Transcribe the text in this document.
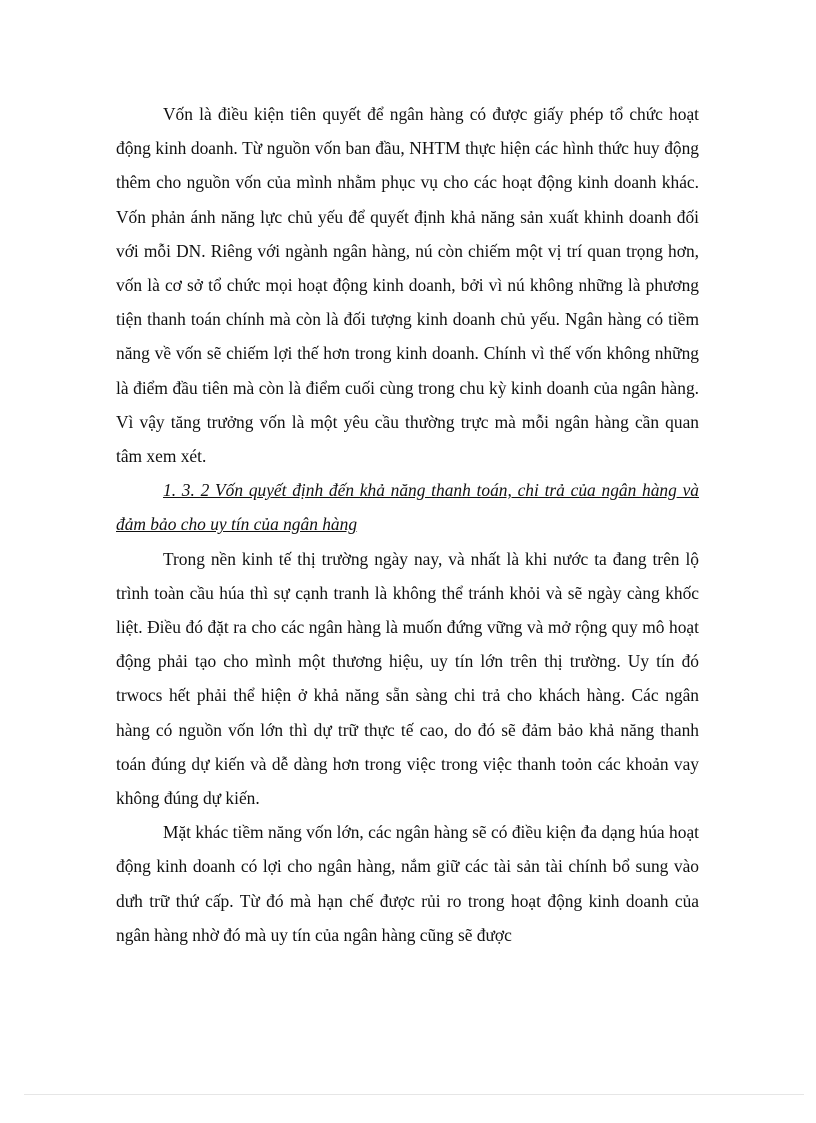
Vốn là điều kiện tiên quyết để ngân hàng có được giấy phép tổ chức hoạt động kinh doanh. Từ nguồn vốn ban đầu, NHTM thực hiện các hình thức huy động thêm cho nguồn vốn của mình nhằm phục vụ cho các hoạt động kinh doanh khác. Vốn phản ánh năng lực chủ yếu để quyết định khả năng sản xuất khinh doanh đối với mỗi DN. Riêng với ngành ngân hàng, nú còn chiếm một vị trí quan trọng hơn, vốn là cơ sở tổ chức mọi hoạt động kinh doanh, bởi vì nú không những là phương tiện thanh toán chính mà còn là đối tượng kinh doanh chủ yếu. Ngân hàng có tiềm năng về vốn sẽ chiếm lợi thế hơn trong kinh doanh. Chính vì thế vốn không những là điểm đầu tiên mà còn là điểm cuối cùng trong chu kỳ kinh doanh của ngân hàng. Vì vậy tăng trưởng vốn là một yêu cầu thường trực mà mỗi ngân hàng cần quan tâm xem xét.

1. 3. 2 Vốn quyết định đến khả năng thanh toán, chi trả của ngân hàng và đảm bảo cho uy tín của ngân hàng

Trong nền kinh tế thị trường ngày nay, và nhất là khi nước ta đang trên lộ trình toàn cầu húa thì sự cạnh tranh là không thể tránh khỏi và sẽ ngày càng khốc liệt. Điều đó đặt ra cho các ngân hàng là muốn đứng vững và mở rộng quy mô hoạt động phải tạo cho mình một thương hiệu, uy tín lớn trên thị trường. Uy tín đó trwocs hết phải thể hiện ở khả năng sẵn sàng chi trả cho khách hàng. Các ngân hàng có nguồn vốn lớn thì dự trữ thực tế cao, do đó sẽ đảm bảo khả năng thanh toán đúng dự kiến và dễ dàng hơn trong việc trong việc thanh toỏn các khoản vay không đúng dự kiến.

Mặt khác tiềm năng vốn lớn, các ngân hàng sẽ có điều kiện đa dạng húa hoạt động kinh doanh có lợi cho ngân hàng, nắm giữ các tài sản tài chính bổ sung vào dưh trữ thứ cấp. Từ đó mà hạn chế được rủi ro trong hoạt động kinh doanh của ngân hàng nhờ đó mà uy tín của ngân hàng cũng sẽ được
